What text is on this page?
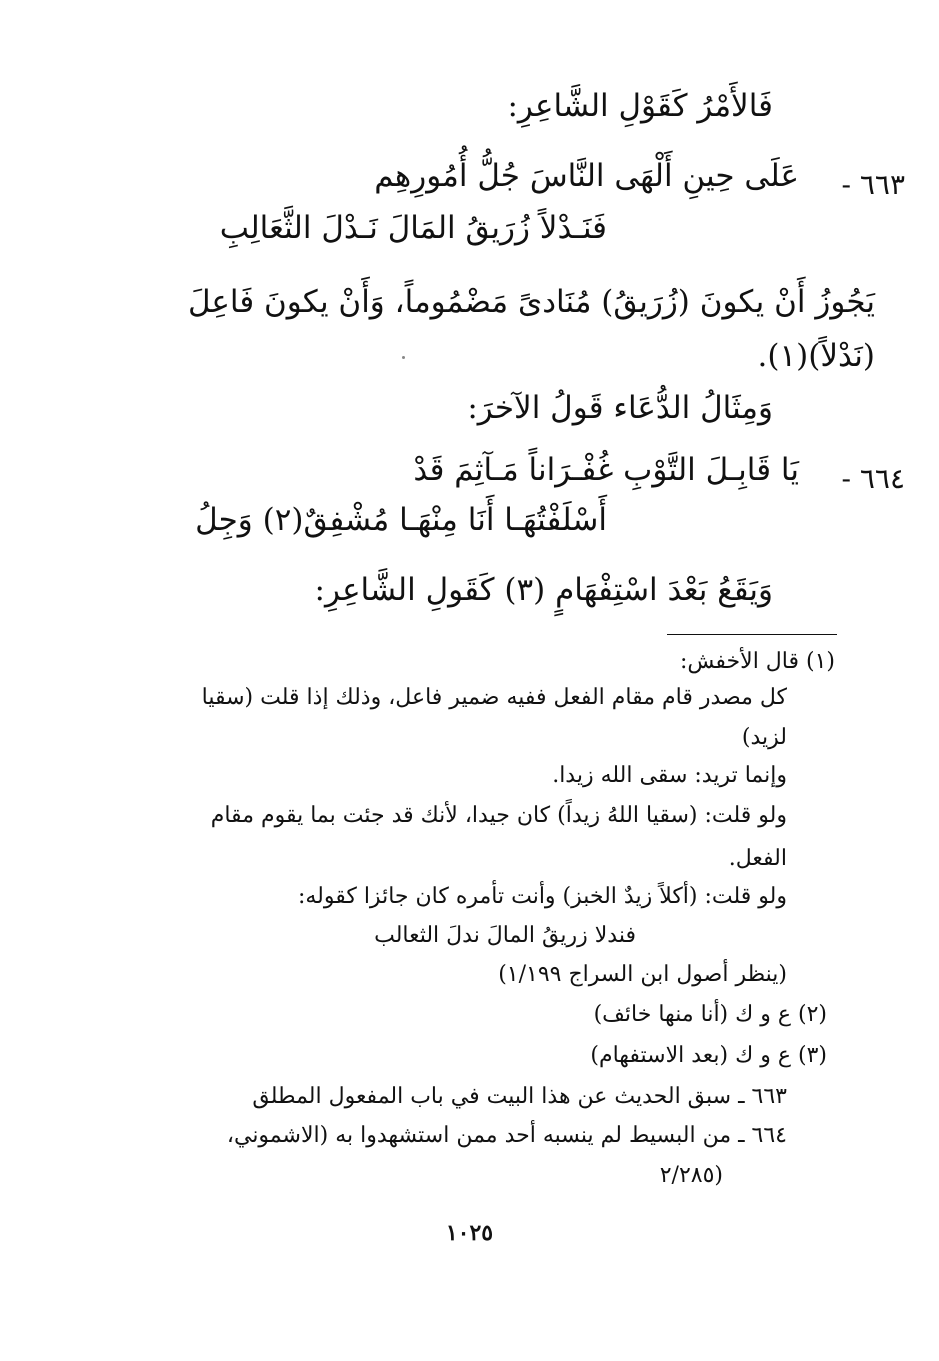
فَالأَمْرُ كَقَوْلِ الشَّاعِرِ:
٦٦٣ -
عَلَى حِينِ أَلْهَى النَّاسَ جُلُّ أُمُورِهِم
فَنَـدْلاً زُرَيقُ المَالَ نَـدْلَ الثَّعَالِبِ
يَجُوزُ أَنْ يكونَ (زُرَيقُ) مُنَادىً مَضْمُوماً، وَأَنْ يكونَ فَاعِلَ
(نَدْلاً)(١).
وَمِثَالُ الدُّعَاء قَولُ الآخرَ:
٦٦٤ -
يَا قَابِـلَ التَّوْبِ غُفْـرَاناً مَـآثِمَ قَدْ
أَسْلَفْتُهَـا أَنَا مِنْهَـا مُشْفِقٌ(٢) وَجِلُ
وَيَقَعُ بَعْدَ اسْتِفْهَامٍ (٣) كَقَولِ الشَّاعِرِ:
(١) قال الأخفش:
كل مصدر قام مقام الفعل ففيه ضمير فاعل، وذلك إذا قلت (سقيا
لزيد)
وإنما تريد: سقى الله زيدا.
ولو قلت: (سقيا اللهُ زيداً) كان جيدا، لأنك قد جئت بما يقوم مقام
الفعل.
ولو قلت: (أكلاً زيدٌ الخبز) وأنت تأمره كان جائزا كقوله:
فندلا زريقُ المالَ ندلَ الثعالب
(ينظر أصول ابن السراج ١/١٩٩)
(٢) ع و ك (أنا منها خائف)
(٣) ع و ك (بعد الاستفهام)
٦٦٣ ـ سبق الحديث عن هذا البيت في باب المفعول المطلق
٦٦٤ ـ من البسيط لم ينسبه أحد ممن استشهدوا به (الاشموني،
٢/٢٨٥)
١٠٢٥
